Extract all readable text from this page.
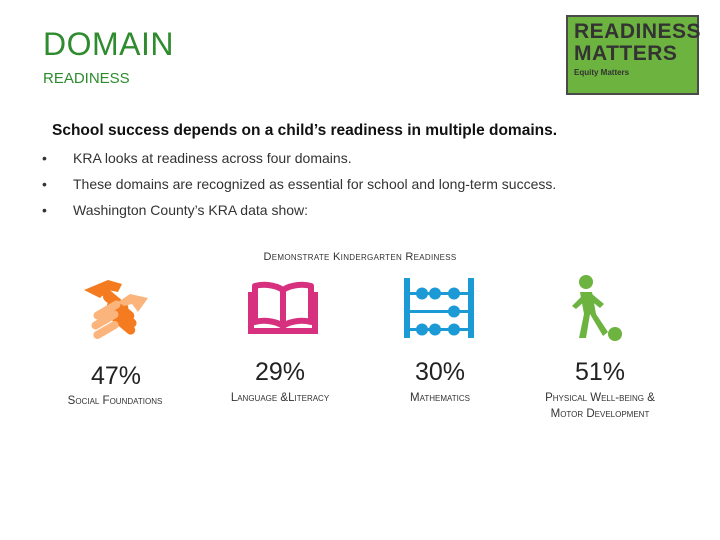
DOMAIN
READINESS
READINESS
MATTERS
Equity Matters
School success depends on a child’s readiness in multiple domains.
• KRA looks at readiness across four domains.
• These domains are recognized as essential for school and long-term success.
• Washington County’s KRA data show:
Demonstrate Kindergarten Readiness
47%	29%	30%	51%
Social Foundations	Language &Literacy	Mathematics	Physical Well-being &
Motor Development
